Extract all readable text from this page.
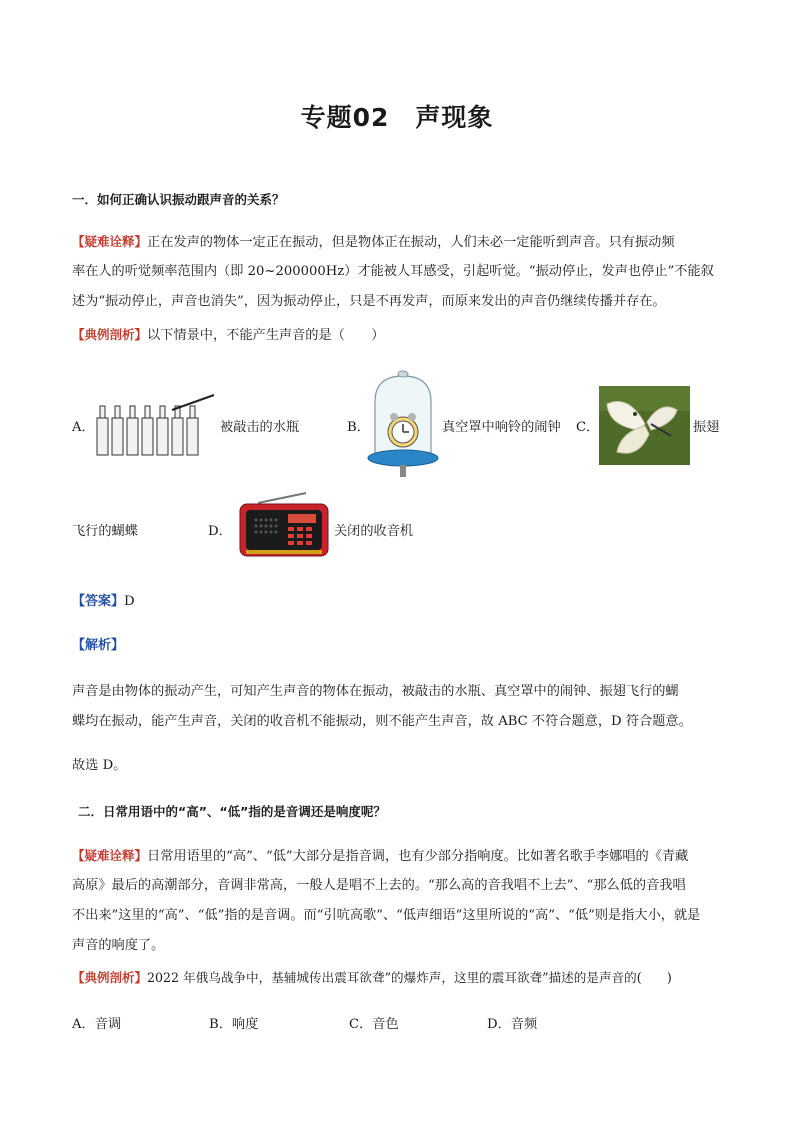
专题02　声现象
一．如何正确认识振动跟声音的关系？
【疑难诠释】正在发声的物体一定正在振动，但是物体正在振动，人们未必一定能听到声音。只有振动频
率在人的听觉频率范围内（即 20~200000Hz）才能被人耳感受，引起听觉。“振动停止，发声也停止”不能叙
述为“振动停止，声音也消失”，因为振动停止，只是不再发声，而原来发出的声音仍继续传播并存在。
【典例剖析】以下情景中，不能产生声音的是（　　）
A．	被敲击的水瓶	B．	真空罩中响铃的闹钟 C．	振翅
飞行的蝴蝶	D．	关闭的收音机
【答案】D
【解析】
声音是由物体的振动产生，可知产生声音的物体在振动，被敲击的水瓶、真空罩中的闹钟、振翅飞行的蝴
蝶均在振动，能产生声音，关闭的收音机不能振动，则不能产生声音，故 ABC 不符合题意，D 符合题意。
故选 D。
二．日常用语中的“高”、“低”指的是音调还是响度呢？
【疑难诠释】日常用语里的“高”、“低”大部分是指音调，也有少部分指响度。比如著名歌手李娜唱的《青藏
高原》最后的高潮部分，音调非常高，一般人是唱不上去的。“那么高的音我唱不上去”、“那么低的音我唱
不出来”这里的“高”、“低”指的是音调。而“引吭高歌”、“低声细语”这里所说的“高”、“低”则是指大小，就是
声音的响度了。
【典例剖析】2022 年俄乌战争中，基辅城传出震耳欲聋”的爆炸声，这里的震耳欲聋”描述的是声音的(　　)
A．音调	B．响度	C．音色	D．音频
